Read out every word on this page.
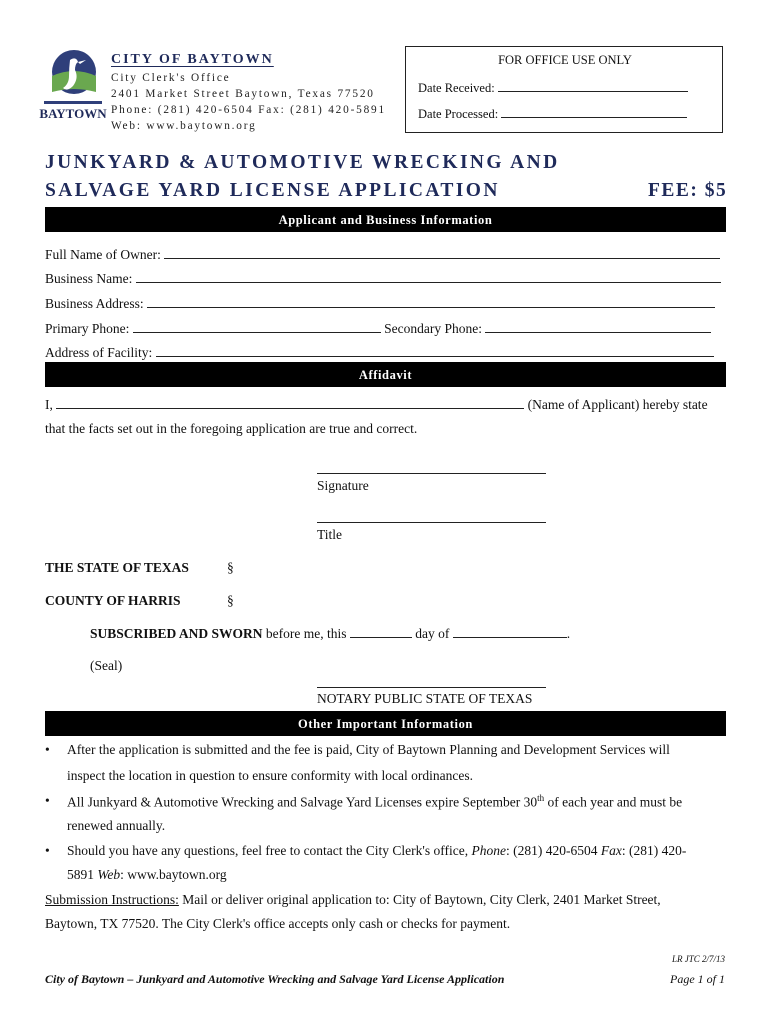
BAYTOWN
CITY OF BAYTOWN
City Clerk's Office
2401 Market Street Baytown, Texas 77520
Phone: (281) 420-6504 Fax: (281) 420-5891
Web: www.baytown.org
FOR OFFICE USE ONLY
Date Received:
Date Processed:
JUNKYARD & AUTOMOTIVE WRECKING AND
SALVAGE YARD LICENSE APPLICATION	FEE: $5
Applicant and Business Information
Full Name of Owner:
Business Name:
Business Address:
Primary Phone:	Secondary Phone:
Address of Facility:
Affidavit
I,	(Name of Applicant) hereby state
that the facts set out in the foregoing application are true and correct.
Signature
Title
THE STATE OF TEXAS	§
COUNTY OF HARRIS	§
SUBSCRIBED AND SWORN before me, this	day of	.
(Seal)
NOTARY PUBLIC STATE OF TEXAS
Other Important Information
• After the application is submitted and the fee is paid, City of Baytown Planning and Development Services will
inspect the location in question to ensure conformity with local ordinances.
• All Junkyard & Automotive Wrecking and Salvage Yard Licenses expire September 30th of each year and must be
renewed annually.
• Should you have any questions, feel free to contact the City Clerk's office, Phone: (281) 420-6504 Fax: (281) 420-
5891 Web: www.baytown.org
Submission Instructions: Mail or deliver original application to: City of Baytown, City Clerk, 2401 Market Street,
Baytown, TX 77520. The City Clerk's office accepts only cash or checks for payment.
LR JTC 2/7/13
City of Baytown – Junkyard and Automotive Wrecking and Salvage Yard License Application	Page 1 of 1
